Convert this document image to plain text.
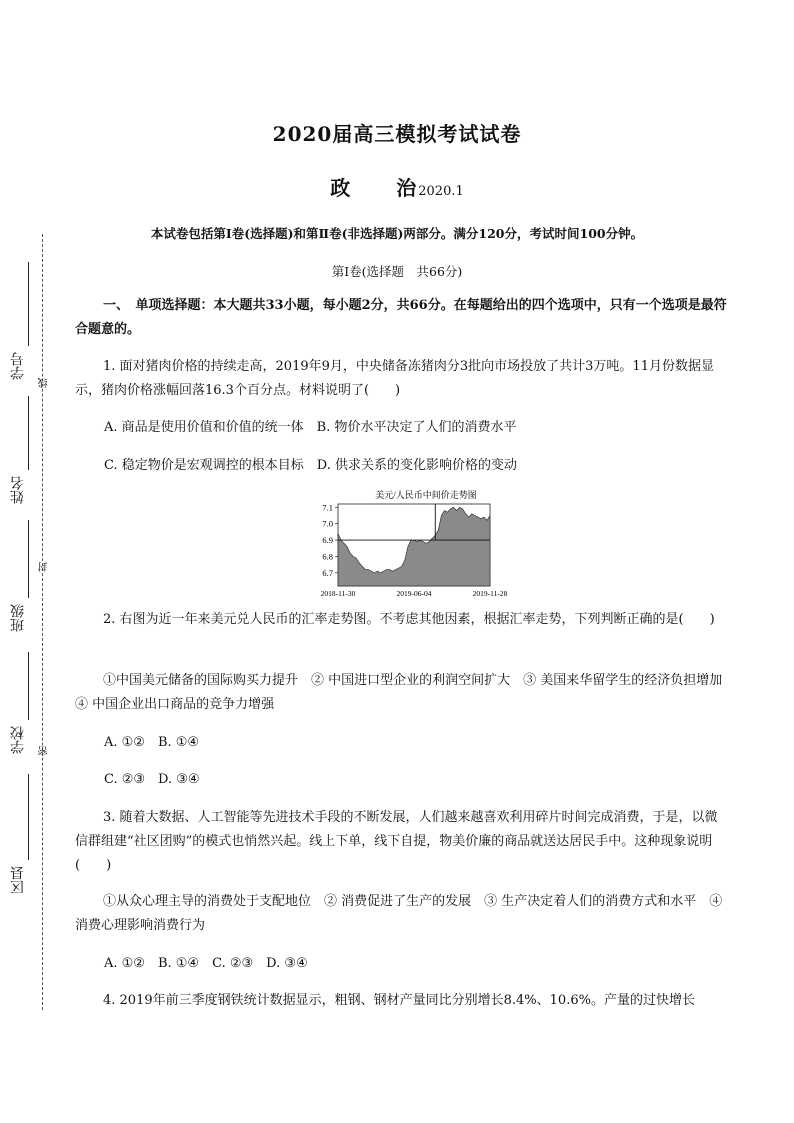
学号
姓名
班级
学校
区县
线
封
密
2020届高三模拟考试试卷
政 治 2020.1
本试卷包括第Ⅰ卷(选择题)和第Ⅱ卷(非选择题)两部分。满分120分，考试时间100分钟。
第Ⅰ卷(选择题　共66分)
一、　单项选择题：本大题共33小题，每小题2分，共66分。在每题给出的四个选项中，只有一个选项是最符合题意的。
1. 面对猪肉价格的持续走高，2019年9月，中央储备冻猪肉分3批向市场投放了共计3万吨。11月份数据显示，猪肉价格涨幅回落16.3个百分点。材料说明了(　　)
A. 商品是使用价值和价值的统一体　B. 物价水平决定了人们的消费水平
C. 稳定物价是宏观调控的根本目标　D. 供求关系的变化影响价格的变动
美元/人民币中间价走势图
7.1
7.0
6.9
6.8
6.7
2018-11-30	2019-06-04	2019-11-28
2. 右图为近一年来美元兑人民币的汇率走势图。不考虑其他因素，根据汇率走势，下列判断正确的是(　　)
①中国美元储备的国际购买力提升　② 中国进口型企业的利润空间扩大　③ 美国来华留学生的经济负担增加　④ 中国企业出口商品的竞争力增强
A. ①②　B. ①④
C. ②③　D. ③④
3. 随着大数据、人工智能等先进技术手段的不断发展，人们越来越喜欢利用碎片时间完成消费，于是，以微信群组建“社区团购”的模式也悄然兴起。线上下单，线下自提，物美价廉的商品就送达居民手中。这种现象说明(　　)
①从众心理主导的消费处于支配地位　② 消费促进了生产的发展　③ 生产决定着人们的消费方式和水平　④ 消费心理影响消费行为
A. ①②　B. ①④　C. ②③　D. ③④
4. 2019年前三季度钢铁统计数据显示，粗钢、钢材产量同比分别增长8.4%、10.6%。产量的过快增长
